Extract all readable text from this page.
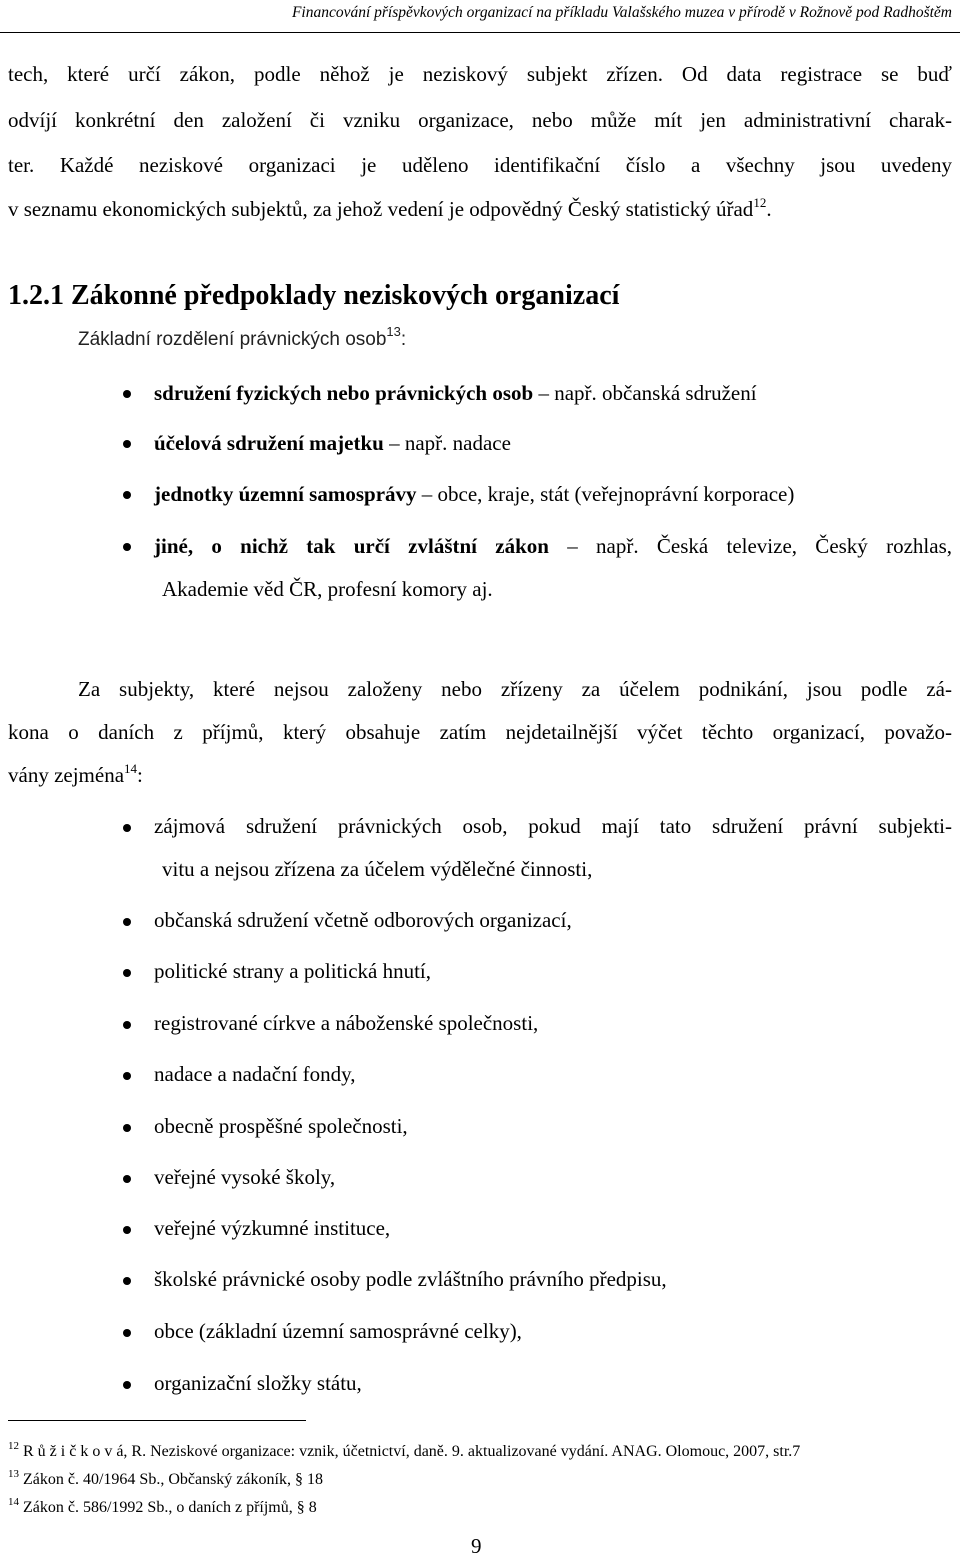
Financování příspěvkových organizací na příkladu Valašského muzea v přírodě v Rožnově pod Radhoštěm
tech, které určí zákon, podle něhož je neziskový subjekt zřízen. Od data registrace se buď
odvíjí konkrétní den založení či vzniku organizace, nebo může mít jen administrativní charak-
ter. Každé neziskové organizaci je uděleno identifikační číslo a všechny jsou uvedeny
v seznamu ekonomických subjektů, za jehož vedení je odpovědný Český statistický úřad$^{12}$.
1.2.1 Zákonné předpoklady neziskových organizací
Základní rozdělení právnických osob$^{13}$:
sdružení fyzických nebo právnických osob – např. občanská sdružení
účelová sdružení majetku – např. nadace
jednotky územní samosprávy – obce, kraje, stát (veřejnoprávní korporace)
jiné, o nichž tak určí zvláštní zákon – např. Česká televize, Český rozhlas,
Akademie věd ČR, profesní komory aj.
Za subjekty, které nejsou založeny nebo zřízeny za účelem podnikání, jsou podle zá-
kona o daních z příjmů, který obsahuje zatím nejdetailnější výčet těchto organizací, považo-
vány zejména$^{14}$:
zájmová sdružení právnických osob, pokud mají tato sdružení právní subjekti-
vitu a nejsou zřízena za účelem výdělečné činnosti,
občanská sdružení včetně odborových organizací,
politické strany a politická hnutí,
registrované církve a náboženské společnosti,
nadace a nadační fondy,
obecně prospěšné společnosti,
veřejné vysoké školy,
veřejné výzkumné instituce,
školské právnické osoby podle zvláštního právního předpisu,
obce (základní územní samosprávné celky),
organizační složky státu,
$^{12}$ R ů ž i č k o v á, R. Neziskové organizace: vznik, účetnictví, daně. 9. aktualizované vydání. ANAG. Olomouc, 2007, str.7
$^{13}$ Zákon č. 40/1964 Sb., Občanský zákoník, § 18
$^{14}$ Zákon č. 586/1992 Sb., o daních z příjmů, § 8
9
